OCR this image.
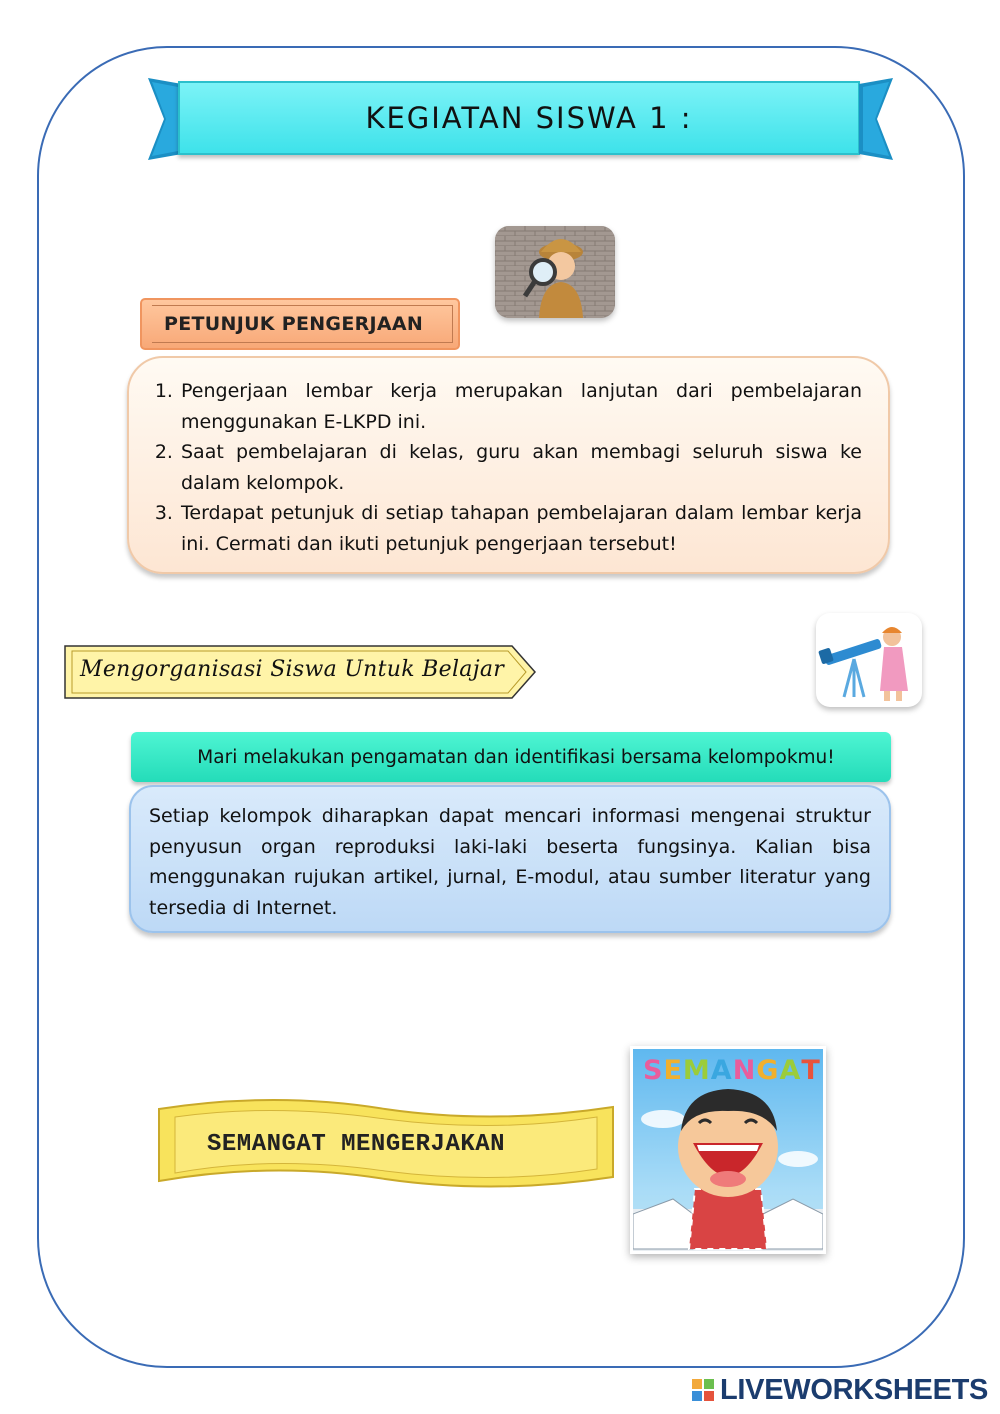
KEGIATAN SISWA 1 :
PETUNJUK PENGERJAAN
1. Pengerjaan lembar kerja merupakan lanjutan dari pembelajaran menggunakan E-LKPD ini.
2. Saat pembelajaran di kelas, guru akan membagi seluruh siswa ke dalam kelompok.
3. Terdapat petunjuk di setiap tahapan pembelajaran dalam lembar kerja ini. Cermati dan ikuti petunjuk pengerjaan tersebut!
Mengorganisasi Siswa Untuk Belajar
Mari melakukan pengamatan dan identifikasi bersama kelompokmu!

Setiap kelompok diharapkan dapat mencari informasi mengenai struktur penyusun organ reproduksi laki-laki beserta fungsinya. Kalian bisa menggunakan rujukan artikel, jurnal, E-modul, atau sumber literatur yang tersedia di Internet.

SEMANGAT MENGERJAKAN
SEMANGAT
LIVEWORKSHEETS
